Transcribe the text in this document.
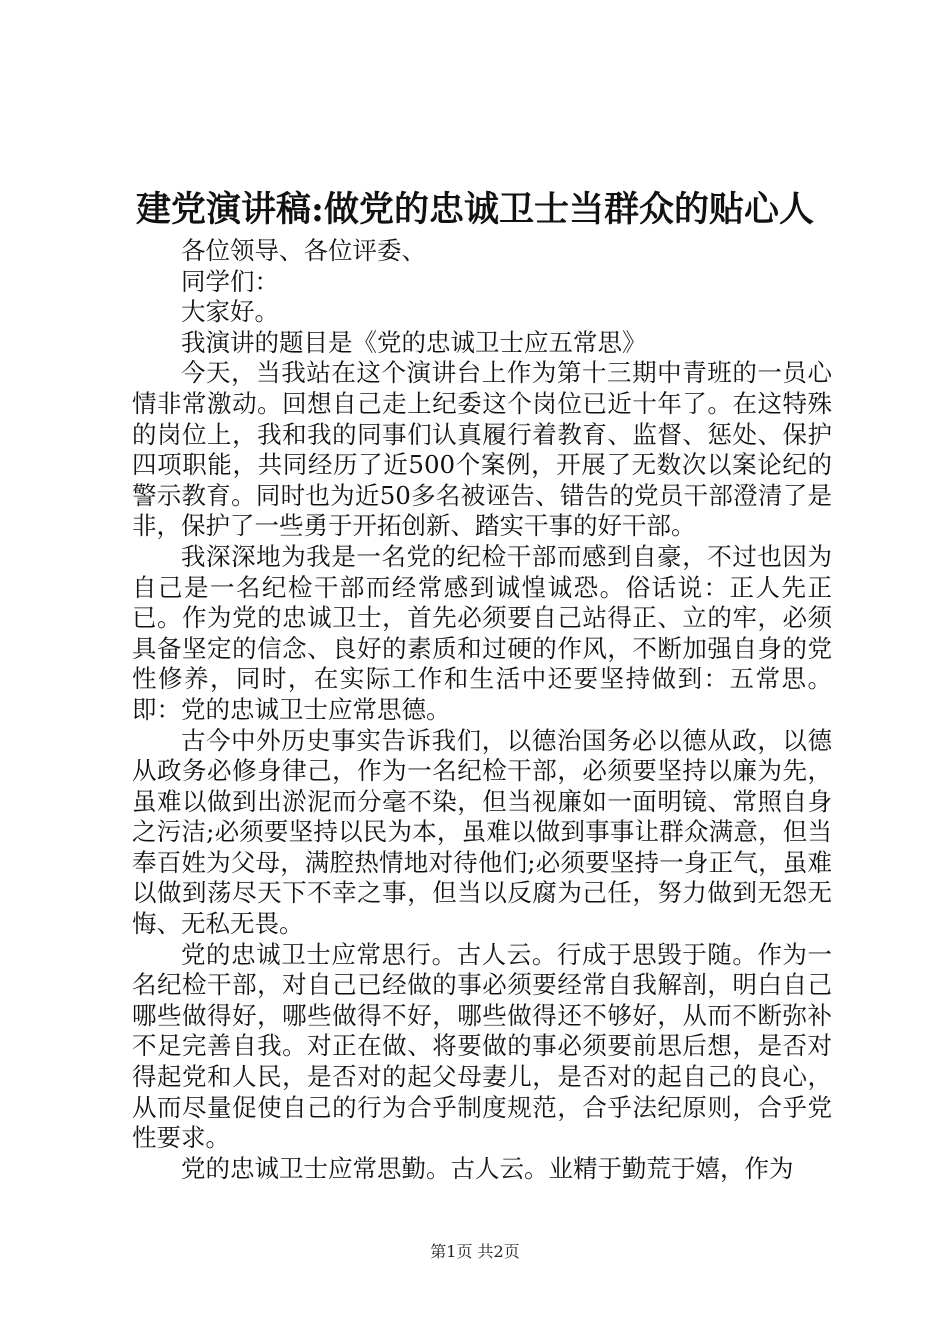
建党演讲稿:做党的忠诚卫士当群众的贴心人

各位领导、各位评委、

同学们：

大家好。

我演讲的题目是《党的忠诚卫士应五常思》

今天，当我站在这个演讲台上作为第十三期中青班的一员心情非常激动。回想自己走上纪委这个岗位已近十年了。在这特殊的岗位上，我和我的同事们认真履行着教育、监督、惩处、保护四项职能，共同经历了近500个案例，开展了无数次以案论纪的警示教育。同时也为近50多名被诬告、错告的党员干部澄清了是非，保护了一些勇于开拓创新、踏实干事的好干部。

我深深地为我是一名党的纪检干部而感到自豪，不过也因为自己是一名纪检干部而经常感到诚惶诚恐。俗话说：正人先正已。作为党的忠诚卫士，首先必须要自己站得正、立的牢，必须具备坚定的信念、良好的素质和过硬的作风，不断加强自身的党性修养，同时，在实际工作和生活中还要坚持做到：五常思。即：党的忠诚卫士应常思德。

古今中外历史事实告诉我们，以德治国务必以德从政，以德从政务必修身律己，作为一名纪检干部，必须要坚持以廉为先，虽难以做到出淤泥而分毫不染，但当视廉如一面明镜、常照自身之污洁;必须要坚持以民为本，虽难以做到事事让群众满意，但当奉百姓为父母，满腔热情地对待他们;必须要坚持一身正气，虽难以做到荡尽天下不幸之事，但当以反腐为己任，努力做到无怨无悔、无私无畏。

党的忠诚卫士应常思行。古人云。行成于思毁于随。作为一名纪检干部，对自己已经做的事必须要经常自我解剖，明白自己哪些做得好，哪些做得不好，哪些做得还不够好，从而不断弥补不足完善自我。对正在做、将要做的事必须要前思后想，是否对得起党和人民，是否对的起父母妻儿，是否对的起自己的良心，从而尽量促使自己的行为合乎制度规范，合乎法纪原则，合乎党性要求。

党的忠诚卫士应常思勤。古人云。业精于勤荒于嬉，作为

第1页 共2页
